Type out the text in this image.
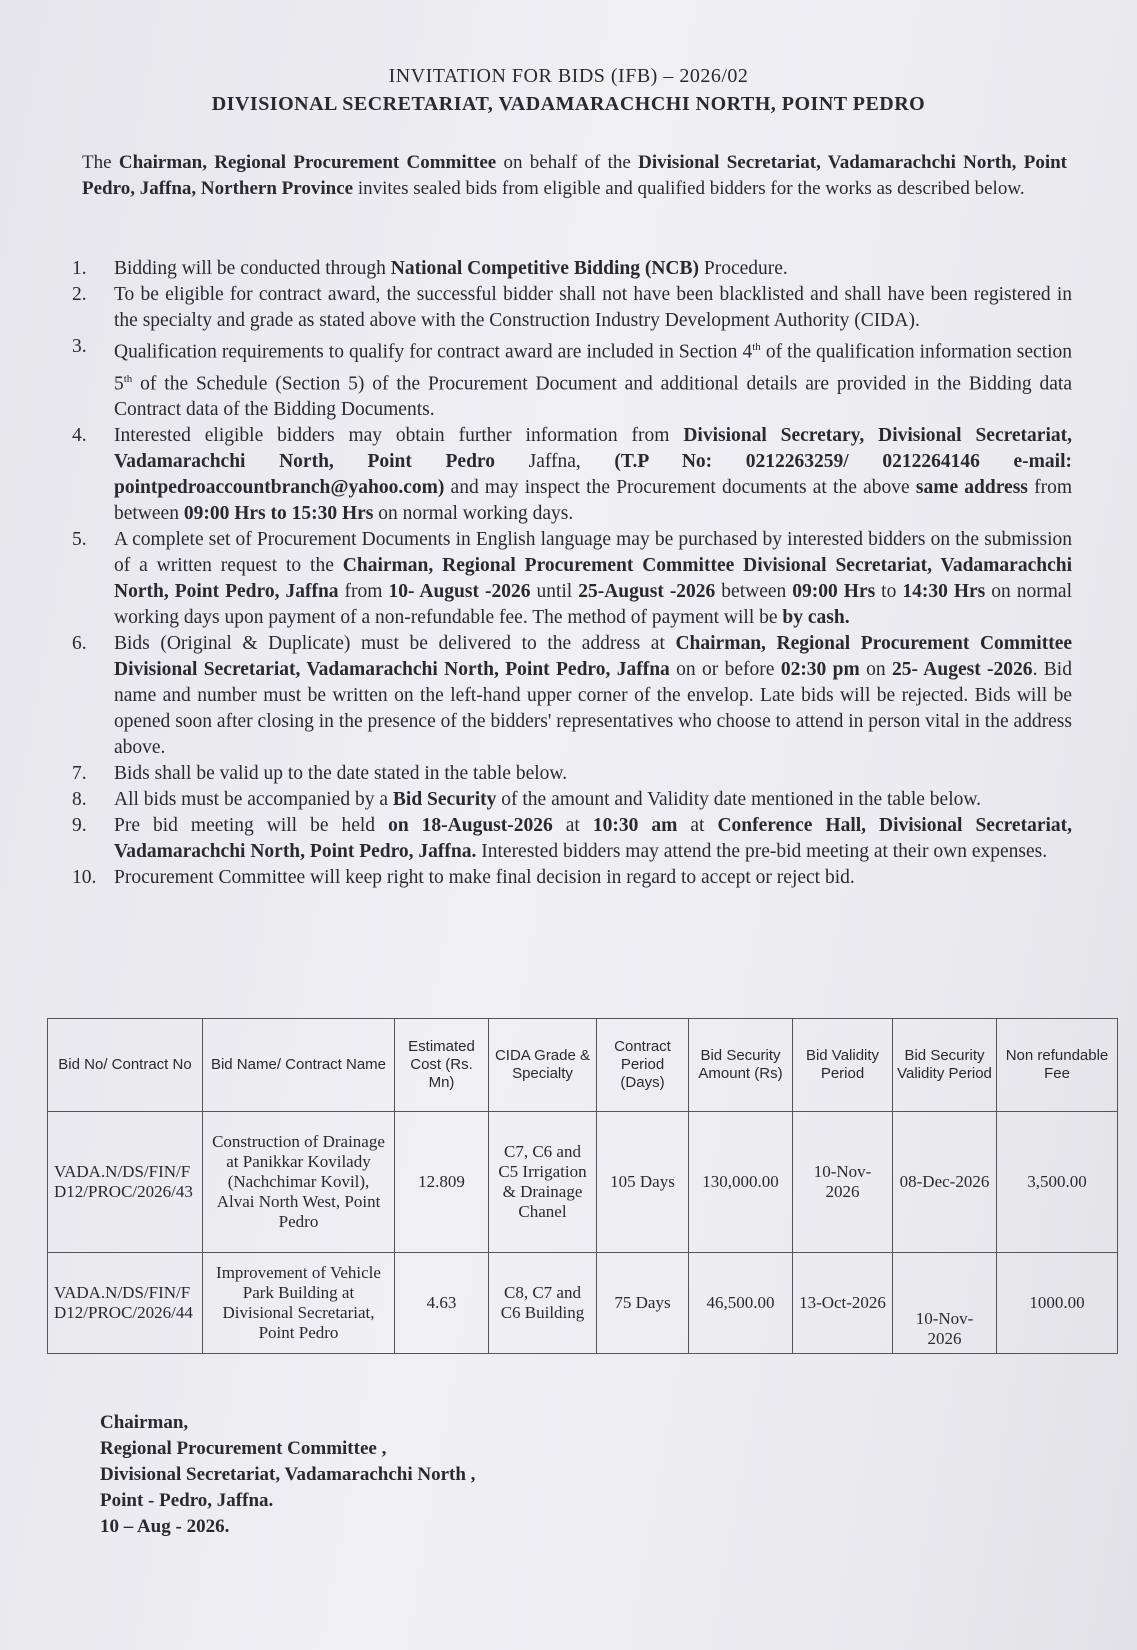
INVITATION FOR BIDS (IFB) – 2026/02
DIVISIONAL SECRETARIAT, VADAMARACHCHI NORTH, POINT PEDRO
The Chairman, Regional Procurement Committee on behalf of the Divisional Secretariat, Vadamarachchi North, Point Pedro, Jaffna, Northern Province invites sealed bids from eligible and qualified bidders for the works as described below.
1.	Bidding will be conducted through National Competitive Bidding (NCB) Procedure.
2.	To be eligible for contract award, the successful bidder shall not have been blacklisted and shall have been registered in the specialty and grade as stated above with the Construction Industry Development Authority (CIDA).
3.	Qualification requirements to qualify for contract award are included in Section 4th of the qualification information section 5th of the Schedule (Section 5) of the Procurement Document and additional details are provided in the Bidding data Contract data of the Bidding Documents.
4.	Interested eligible bidders may obtain further information from Divisional Secretary, Divisional Secretariat, Vadamarachchi North, Point Pedro Jaffna, (T.P No: 0212263259/ 0212264146 e-mail: pointpedroaccountbranch@yahoo.com) and may inspect the Procurement documents at the above same address from between 09:00 Hrs to 15:30 Hrs on normal working days.
5.	A complete set of Procurement Documents in English language may be purchased by interested bidders on the submission of a written request to the Chairman, Regional Procurement Committee Divisional Secretariat, Vadamarachchi North, Point Pedro, Jaffna from 10- August -2026 until 25-August -2026 between 09:00 Hrs to 14:30 Hrs on normal working days upon payment of a non-refundable fee. The method of payment will be by cash.
6.	Bids (Original & Duplicate) must be delivered to the address at Chairman, Regional Procurement Committee Divisional Secretariat, Vadamarachchi North, Point Pedro, Jaffna on or before 02:30 pm on 25- Augest -2026. Bid name and number must be written on the left-hand upper corner of the envelop. Late bids will be rejected. Bids will be opened soon after closing in the presence of the bidders' representatives who choose to attend in person vital in the address above.
7.	Bids shall be valid up to the date stated in the table below.
8.	All bids must be accompanied by a Bid Security of the amount and Validity date mentioned in the table below.
9.	Pre bid meeting will be held on 18-August-2026 at 10:30 am at Conference Hall, Divisional Secretariat, Vadamarachchi North, Point Pedro, Jaffna. Interested bidders may attend the pre-bid meeting at their own expenses.
10. Procurement Committee will keep right to make final decision in regard to accept or reject bid.
Bid No/ Contract No	Bid Name/ Contract Name	Estimated Cost (Rs. Mn)	CIDA Grade & Specialty	Contract Period (Days)	Bid Security Amount (Rs)	Bid Validity Period	Bid Security Validity Period	Non refundable Fee
VADA.N/DS/FIN/FD12/PROC/2026/43	Construction of Drainage at Panikkar Kovilady (Nachchimar Kovil), Alvai North West, Point Pedro	12.809	C7, C6 and C5 Irrigation & Drainage Chanel	105 Days	130,000.00	10-Nov-2026	08-Dec-2026	3,500.00
VADA.N/DS/FIN/FD12/PROC/2026/44	Improvement of Vehicle Park Building at Divisional Secretariat, Point Pedro	4.63	C8, C7 and C6 Building	75 Days	46,500.00	13-Oct-2026	10-Nov-2026	1000.00
Chairman,
Regional Procurement Committee ,
Divisional Secretariat, Vadamarachchi North ,
Point - Pedro, Jaffna.
10 – Aug - 2026.
